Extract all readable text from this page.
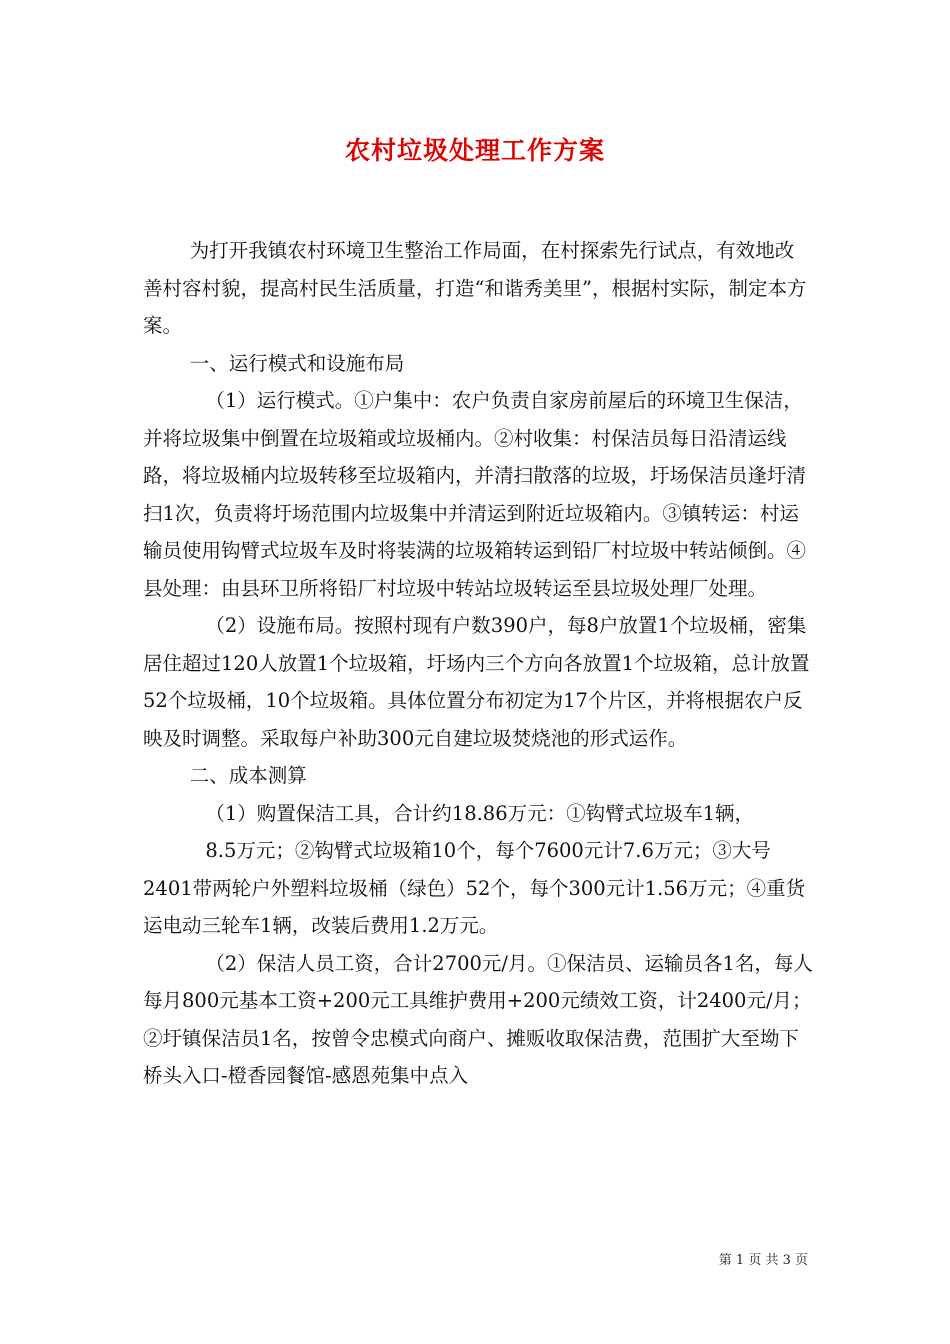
农村垃圾处理工作方案

为打开我镇农村环境卫生整治工作局面，在村探索先行试点，有效地改善村容村貌，提高村民生活质量，打造“和谐秀美里”，根据村实际，制定本方案。

一、运行模式和设施布局

（1）运行模式。①户集中：农户负责自家房前屋后的环境卫生保洁，并将垃圾集中倒置在垃圾箱或垃圾桶内。②村收集：村保洁员每日沿清运线路，将垃圾桶内垃圾转移至垃圾箱内，并清扫散落的垃圾，圩场保洁员逢圩清扫1次，负责将圩场范围内垃圾集中并清运到附近垃圾箱内。③镇转运：村运输员使用钩臂式垃圾车及时将装满的垃圾箱转运到铅厂村垃圾中转站倾倒。④县处理：由县环卫所将铅厂村垃圾中转站垃圾转运至县垃圾处理厂处理。

（2）设施布局。按照村现有户数390户，每8户放置1个垃圾桶，密集居住超过120人放置1个垃圾箱，圩场内三个方向各放置1个垃圾箱，总计放置52个垃圾桶，10个垃圾箱。具体位置分布初定为17个片区，并将根据农户反映及时调整。采取每户补助300元自建垃圾焚烧池的形式运作。

二、成本测算

（1）购置保洁工具，合计约18.86万元：①钩臂式垃圾车1辆，

8.5万元；②钩臂式垃圾箱10个，每个7600元计7.6万元；③大号2401带两轮户外塑料垃圾桶（绿色）52个，每个300元计1.56万元；④重货运电动三轮车1辆，改装后费用1.2万元。

（2）保洁人员工资，合计2700元/月。①保洁员、运输员各1名，每人每月800元基本工资+200元工具维护费用+200元绩效工资，计2400元/月；②圩镇保洁员1名，按曾令忠模式向商户、摊贩收取保洁费，范围扩大至坳下桥头入口-橙香园餐馆-感恩苑集中点入

第 1 页 共 3 页
